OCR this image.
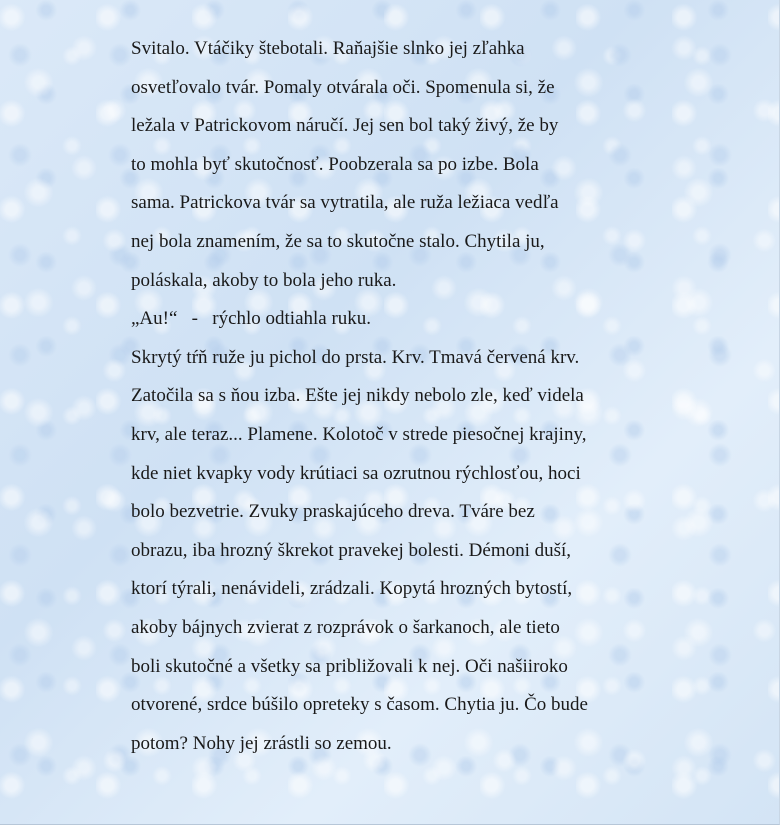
Svitalo. Vtáčiky štebotali. Raňajšie slnko jej zľahka
osvetľovalo tvár. Pomaly otvárala oči. Spomenula si, že
ležala v Patrickovom náručí. Jej sen bol taký živý, že by
to mohla byť skutočnosť. Poobzerala sa po izbe. Bola
sama. Patrickova tvár sa vytratila, ale ruža ležiaca vedľa
nej bola znamením, že sa to skutočne stalo. Chytila ju,
poláskala, akoby to bola jeho ruka.
„Au!“   -   rýchlo odtiahla ruku.
Skrytý tŕň ruže ju pichol do prsta. Krv. Tmavá červená krv.
Zatočila sa s ňou izba. Ešte jej nikdy nebolo zle, keď videla
krv, ale teraz... Plamene. Kolotoč v strede piesočnej krajiny,
kde niet kvapky vody krútiaci sa ozrutnou rýchlosťou, hoci
bolo bezvetrie. Zvuky praskajúceho dreva. Tváre bez
obrazu, iba hrozný škrekot pravekej bolesti. Démoni duší,
ktorí týrali, nenávideli, zrádzali. Kopytá hrozných bytostí,
akoby bájnych zvierat z rozprávok o šarkanoch, ale tieto
boli skutočné a všetky sa približovali k nej. Oči našiiroko
otvorené, srdce búšilo opreteky s časom. Chytia ju. Čo bude
potom? Nohy jej zrástli so zemou.
